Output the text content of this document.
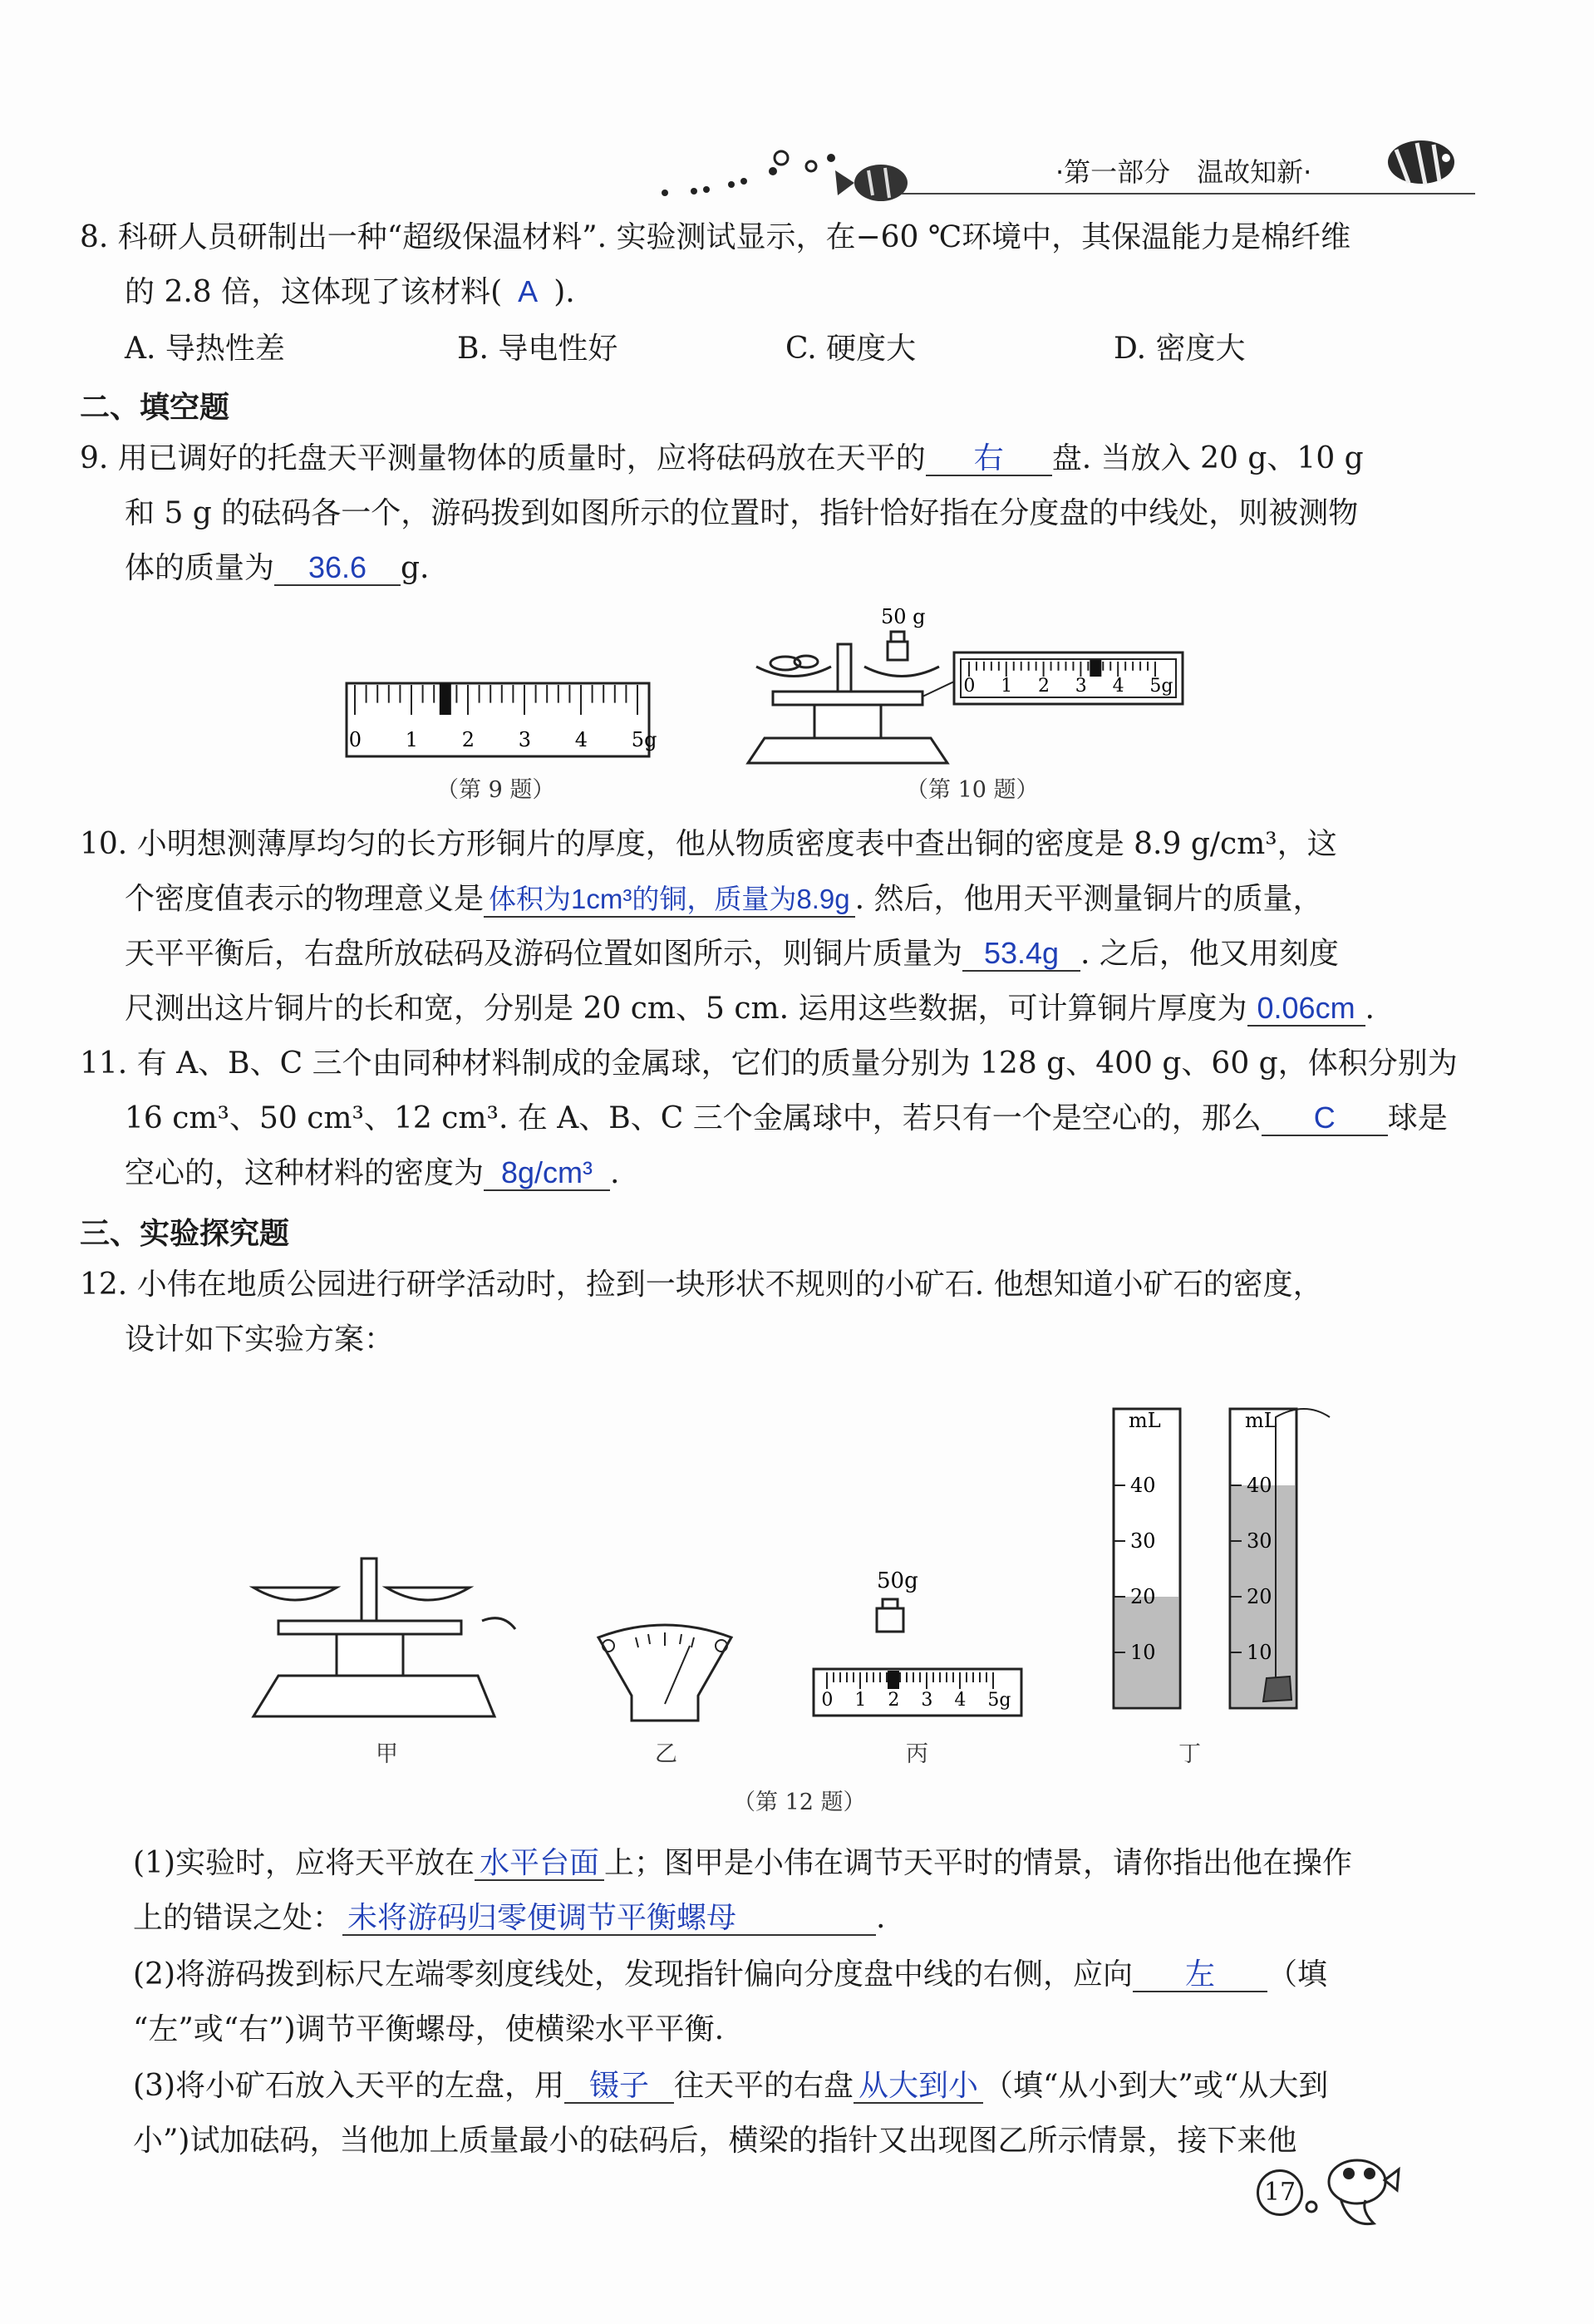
·第一部分　温故知新·
8. 科研人员研制出一种“超级保温材料”. 实验测试显示，在−60 ℃环境中，其保温能力是棉纤维
的 2.8 倍，这体现了该材料( A ).
A. 导热性差	B. 导电性好	C. 硬度大	D. 密度大
二、填空题
9. 用已调好的托盘天平测量物体的质量时，应将砝码放在天平的 右 盘. 当放入 20 g、10 g
和 5 g 的砝码各一个，游码拨到如图所示的位置时，指针恰好指在分度盘的中线处，则被测物
体的质量为 36.6 g.
0 1 2 3 4 5g
（第 9 题）
50 g
0 1 2 3 4 5g
（第 10 题）
10. 小明想测薄厚均匀的长方形铜片的厚度，他从物质密度表中查出铜的密度是 8.9 g/cm³，这
个密度值表示的物理意义是 体积为1cm³的铜，质量为8.9g . 然后，他用天平测量铜片的质量，
天平平衡后，右盘所放砝码及游码位置如图所示，则铜片质量为 53.4g . 之后，他又用刻度
尺测出这片铜片的长和宽，分别是 20 cm、5 cm. 运用这些数据，可计算铜片厚度为 0.06cm .
11. 有 A、B、C 三个由同种材料制成的金属球，它们的质量分别为 128 g、400 g、60 g，体积分别为
16 cm³、50 cm³、12 cm³. 在 A、B、C 三个金属球中，若只有一个是空心的，那么 C 球是
空心的，这种材料的密度为 8g/cm³ .
三、实验探究题
12. 小伟在地质公园进行研学活动时，捡到一块形状不规则的小矿石. 他想知道小矿石的密度，
设计如下实验方案：
50g
0 1 2 3 4 5g
mL
40
30
20
10
mL
40
30
20
10
甲	乙	丙	丁
（第 12 题）
(1)实验时，应将天平放在 水平台面 上；图甲是小伟在调节天平时的情景，请你指出他在操作
上的错误之处： 未将游码归零便调节平衡螺母	.
(2)将游码拨到标尺左端零刻度线处，发现指针偏向分度盘中线的右侧，应向 左 （填
“左”或“右”)调节平衡螺母，使横梁水平平衡.
(3)将小矿石放入天平的左盘，用 镊子 往天平的右盘 从大到小 （填“从小到大”或“从大到
小”)试加砝码，当他加上质量最小的砝码后，横梁的指针又出现图乙所示情景，接下来他
17
